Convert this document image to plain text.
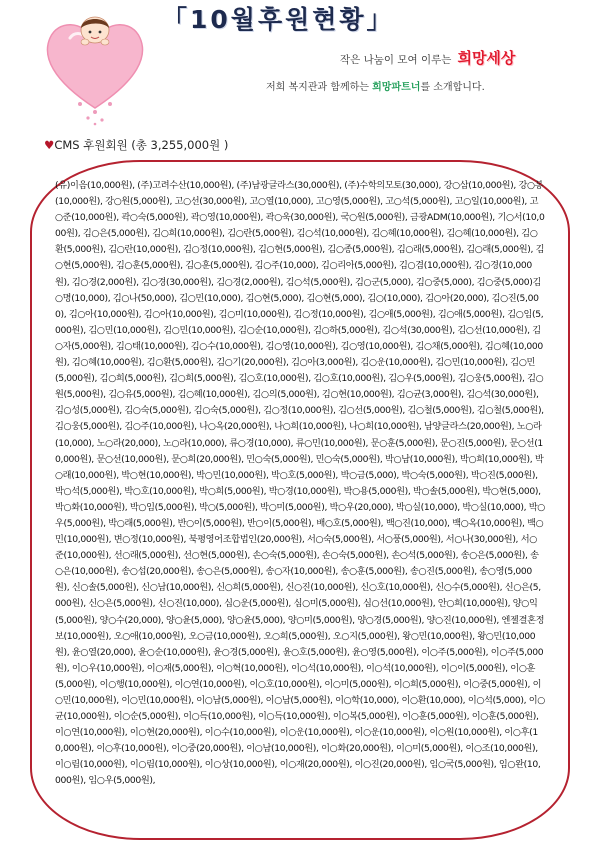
「10월후원현황」
작은 나눔이 모여 이루는 희망세상
저희 복지관과 함께하는 희망파트너를 소개합니다.
♥CMS 후원회원 (총 3,255,000원 )
(유)이음(10,000원), (주)고려수산(10,000원), (주)남광글라스(30,000원), (주)수학의모토(30,000), 강○삼(10,000원), 강○봉(10,000원), 강○원(5,000원), 고○선(30,000원), 고○열(10,000), 고○영(5,000원), 고○석(5,000원), 고○일(10,000원), 고○준(10,000원), 곽○숙(5,000원), 곽○영(10,000원), 곽○욱(30,000원), 국○원(5,000원), 금광ADM(10,000원), 기○서(10,000원), 김○은(5,000원), 김○희(10,000원), 김○란(5,000원), 김○석(10,000원), 김○혜(10,000원), 김○혜(10,000원), 김○환(5,000원), 김○란(10,000원), 김○정(10,000원), 김○현(5,000원), 김○종(5,000원), 김○래(5,000원), 김○래(5,000원), 김○현(5,000원), 김○훈(5,000원), 김○훈(5,000원), 김○주(10,000), 김○리아(5,000원), 김○겸(10,000원), 김○경(10,000원), 김○경(2,000원), 김○경(30,000원), 김○경(2,000원), 김○석(5,000원), 김○군(5,000), 김○중(5,000), 김○중(5,000)김○명(10,000), 김○나(50,000), 김○민(10,000), 김○현(5,000), 김○현(5,000), 김○(10,000), 김○아(20,000), 김○진(5,000), 김○아(10,000원), 김○아(10,000원), 김○미(10,000원), 김○정(10,000원), 김○애(5,000원), 김○애(5,000원), 김○임(5,000원), 김○민(10,000원), 김○민(10,000원), 김○순(10,000원), 김○하(5,000원), 김○석(30,000원), 김○선(10,000원), 김○자(5,000원), 김○태(10,000원), 김○수(10,000원), 김○영(10,000원), 김○영(10,000원), 김○채(5,000원), 김○혜(10,000원), 김○혜(10,000원), 김○환(5,000원), 김○기(20,000원), 김○아(3,000원), 김○운(10,000원), 김○민(10,000원), 김○민(5,000원), 김○희(5,000원), 김○희(5,000원), 김○호(10,000원), 김○호(10,000원), 김○우(5,000원), 김○웅(5,000원), 김○원(5,000원), 김○유(5,000원), 김○혜(10,000원), 김○의(5,000원), 김○현(10,000원), 김○균(3,000원), 김○석(30,000원), 김○성(5,000원), 김○숙(5,000원), 김○숙(5,000원), 김○정(10,000원), 김○선(5,000원), 김○철(5,000원), 김○철(5,000원), 김○웅(5,000원), 김○주(10,000원), 나○옥(20,000원), 나○희(10,000원), 나○희(10,000원), 남양글라스(20,000원), 노○라(10,000), 노○라(20,000), 노○라(10,000), 류○경(10,000), 류○민(10,000원), 문○훈(5,000원), 문○진(5,000원), 문○선(10,000원), 문○선(10,000원), 문○희(20,000원), 민○숙(5,000원), 민○숙(5,000원), 박○남(10,000원), 박○희(10,000원), 박○래(10,000원), 박○현(10,000원), 박○민(10,000원), 박○호(5,000원), 박○금(5,000), 박○숙(5,000원), 박○진(5,000원), 박○석(5,000원), 박○호(10,000원), 박○희(5,000원), 박○경(10,000원), 박○용(5,000원), 박○솔(5,000원), 박○현(5,000), 박○화(10,000원), 박○임(5,000원), 박○(5,000원), 박○미(5,000원), 박○우(20,000), 박○실(10,000), 박○실(10,000), 박○우(5,000원), 박○래(5,000원), 반○이(5,000원), 반○이(5,000원), 배○호(5,000원), 백○진(10,000), 백○옥(10,000원), 백○민(10,000원), 변○정(10,000원), 북평영어조합법인(20,000원), 서○숙(5,000원), 서○풍(5,000원), 서○나(30,000원), 서○준(10,000원), 선○래(5,000원), 선○현(5,000원), 손○숙(5,000원), 손○숙(5,000원), 손○석(5,000원), 송○은(5,000원), 송○은(10,000원), 송○섭(20,000원), 송○은(5,000원), 송○자(10,000원), 송○훈(5,000원), 송○진(5,000원), 송○영(5,000원), 신○솔(5,000원), 신○남(10,000원), 신○희(5,000원), 신○진(10,000원), 신○호(10,000원), 신○수(5,000원), 신○은(5,000원), 신○은(5,000원), 신○진(10,000), 심○운(5,000원), 심○미(5,000원), 심○선(10,000원), 안○희(10,000원), 양○익(5,000원), 양○수(20,000), 양○윤(5,000), 양○윤(5,000), 양○미(5,000원), 양○경(5,000원), 양○진(10,000원), 엔젤결혼정보(10,000원), 오○애(10,000원), 오○금(10,000원), 오○희(5,000원), 오○지(5,000원), 왕○민(10,000원), 왕○민(10,000원), 윤○열(20,000), 윤○순(10,000원), 윤○경(5,000원), 윤○호(5,000원), 윤○영(5,000원), 이○주(5,000원), 이○주(5,000원), 이○우(10,000원), 이○재(5,000원), 이○혁(10,000원), 이○석(10,000원), 이○석(10,000원), 이○이(5,000원), 이○훈(5,000원), 이○행(10,000원), 이○연(10,000원), 이○호(10,000원), 이○미(5,000원), 이○희(5,000원), 이○중(5,000원), 이○민(10,000원), 이○민(10,000원), 이○남(5,000원), 이○남(5,000원), 이○학(10,000), 이○환(10,000), 이○석(5,000), 이○균(10,000원), 이○순(5,000원), 이○득(10,000원), 이○득(10,000원), 이○복(5,000원), 이○훈(5,000원), 이○훈(5,000원), 이○연(10,000원), 이○현(20,000원), 이○수(10,000원), 이○운(10,000원), 이○운(10,000원), 이○원(10,000원), 이○후(10,000원), 이○후(10,000원), 이○중(20,000원), 이○남(10,000원), 이○화(20,000원), 이○미(5,000원), 이○조(10,000원), 이○림(10,000원), 이○림(10,000원), 이○상(10,000원), 이○재(20,000원), 이○진(20,000원), 임○국(5,000원), 임○완(10,000원), 임○우(5,000원),
